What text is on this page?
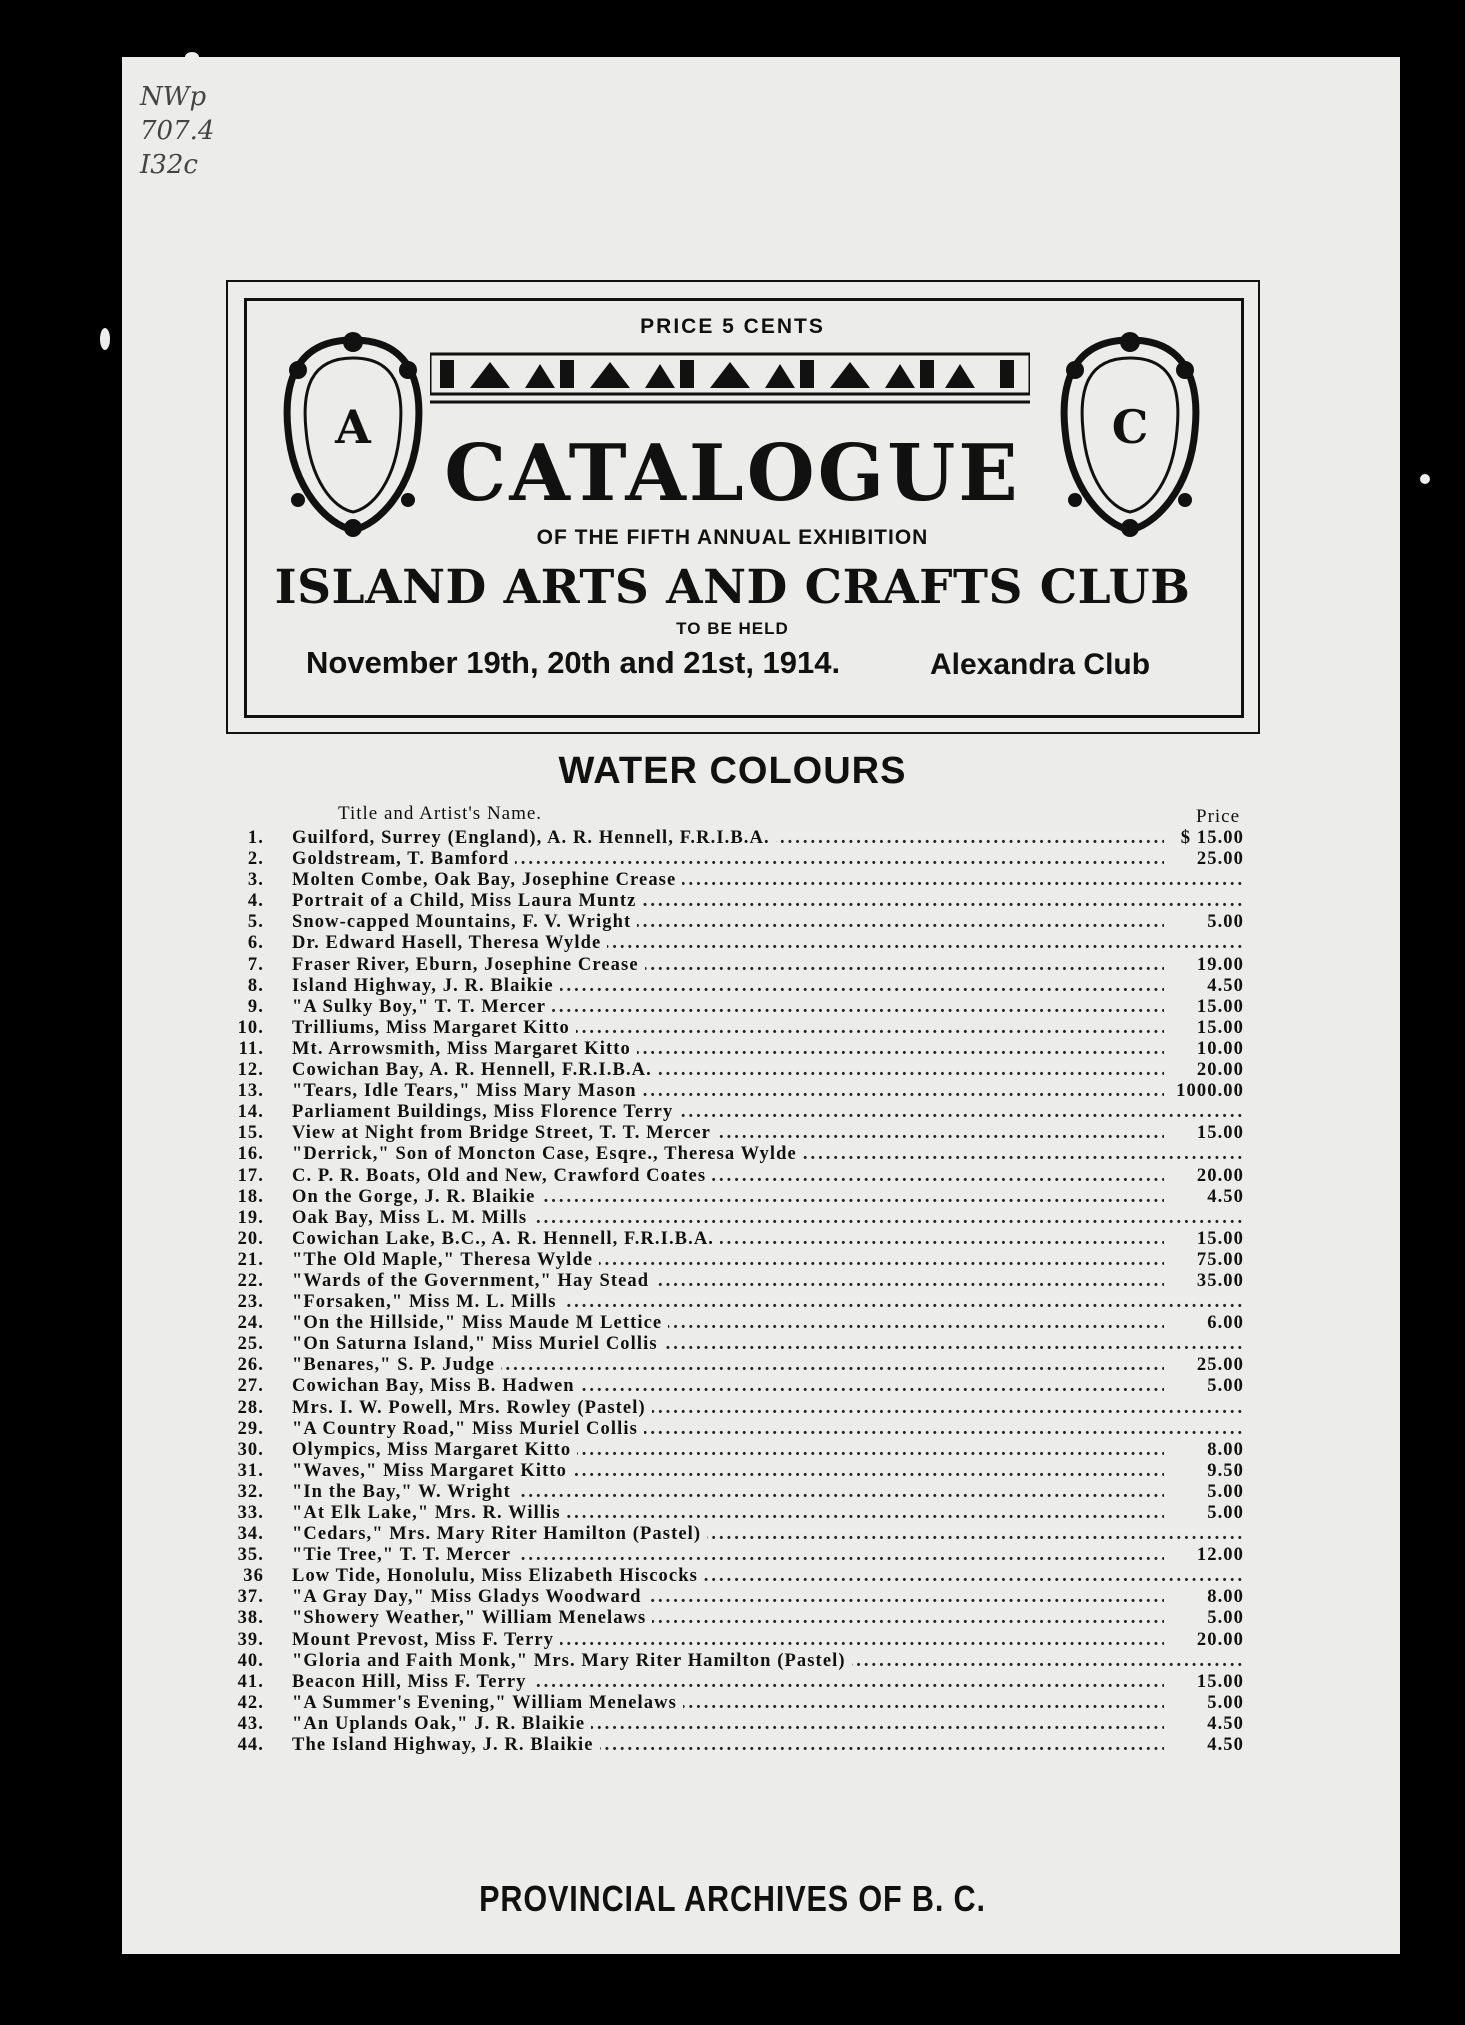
NWp
707.4
I32c
PRICE 5 CENTS
A	C
CATALOGUE
OF THE FIFTH ANNUAL EXHIBITION
ISLAND ARTS AND CRAFTS CLUB
TO BE HELD
November 19th, 20th and 21st, 1914.	Alexandra Club
WATER COLOURS
Title and Artist's Name.	Price
1. Guilford, Surrey (England), A. R. Hennell, F.R.I.B.A. .....	$ 15.00
2. Goldstream, T. Bamford .....	25.00
3. Molten Combe, Oak Bay, Josephine Crease .....
4. Portrait of a Child, Miss Laura Muntz .....
5. Snow-capped Mountains, F. V. Wright .....	5.00
6. Dr. Edward Hasell, Theresa Wylde .....
7. Fraser River, Eburn, Josephine Crease .....	19.00
8. Island Highway, J. R. Blaikie .....	4.50
9. "A Sulky Boy," T. T. Mercer .....	15.00
10. Trilliums, Miss Margaret Kitto .....	15.00
11. Mt. Arrowsmith, Miss Margaret Kitto .....	10.00
12. Cowichan Bay, A. R. Hennell, F.R.I.B.A. .....	20.00
13. "Tears, Idle Tears," Miss Mary Mason .....	1000.00
14. Parliament Buildings, Miss Florence Terry .....
15. View at Night from Bridge Street, T. T. Mercer .....	15.00
16. "Derrick," Son of Moncton Case, Esqre., Theresa Wylde .....
17. C. P. R. Boats, Old and New, Crawford Coates .....	20.00
18. On the Gorge, J. R. Blaikie .....	4.50
19. Oak Bay, Miss L. M. Mills .....
20. Cowichan Lake, B.C., A. R. Hennell, F.R.I.B.A. .....	15.00
21. "The Old Maple," Theresa Wylde .....	75.00
22. "Wards of the Government," Hay Stead .....	35.00
23. "Forsaken," Miss M. L. Mills .....
24. "On the Hillside," Miss Maude M Lettice .....	6.00
25. "On Saturna Island," Miss Muriel Collis .....
26. "Benares," S. P. Judge .....	25.00
27. Cowichan Bay, Miss B. Hadwen .....	5.00
28. Mrs. I. W. Powell, Mrs. Rowley (Pastel) .....
29. "A Country Road," Miss Muriel Collis .....
30. Olympics, Miss Margaret Kitto .....	8.00
31. "Waves," Miss Margaret Kitto .....	9.50
32. "In the Bay," W. Wright .....	5.00
33. "At Elk Lake," Mrs. R. Willis .....	5.00
34. "Cedars," Mrs. Mary Riter Hamilton (Pastel) .....
35. "Tie Tree," T. T. Mercer .....	12.00
36 Low Tide, Honolulu, Miss Elizabeth Hiscocks .....
37. "A Gray Day," Miss Gladys Woodward .....	8.00
38. "Showery Weather," William Menelaws .....	5.00
39. Mount Prevost, Miss F. Terry .....	20.00
40. "Gloria and Faith Monk," Mrs. Mary Riter Hamilton (Pastel) .....
41. Beacon Hill, Miss F. Terry .....	15.00
42. "A Summer's Evening," William Menelaws .....	5.00
43. "An Uplands Oak," J. R. Blaikie .....	4.50
44. The Island Highway, J. R. Blaikie .....	4.50
PROVINCIAL ARCHIVES OF B. C.
